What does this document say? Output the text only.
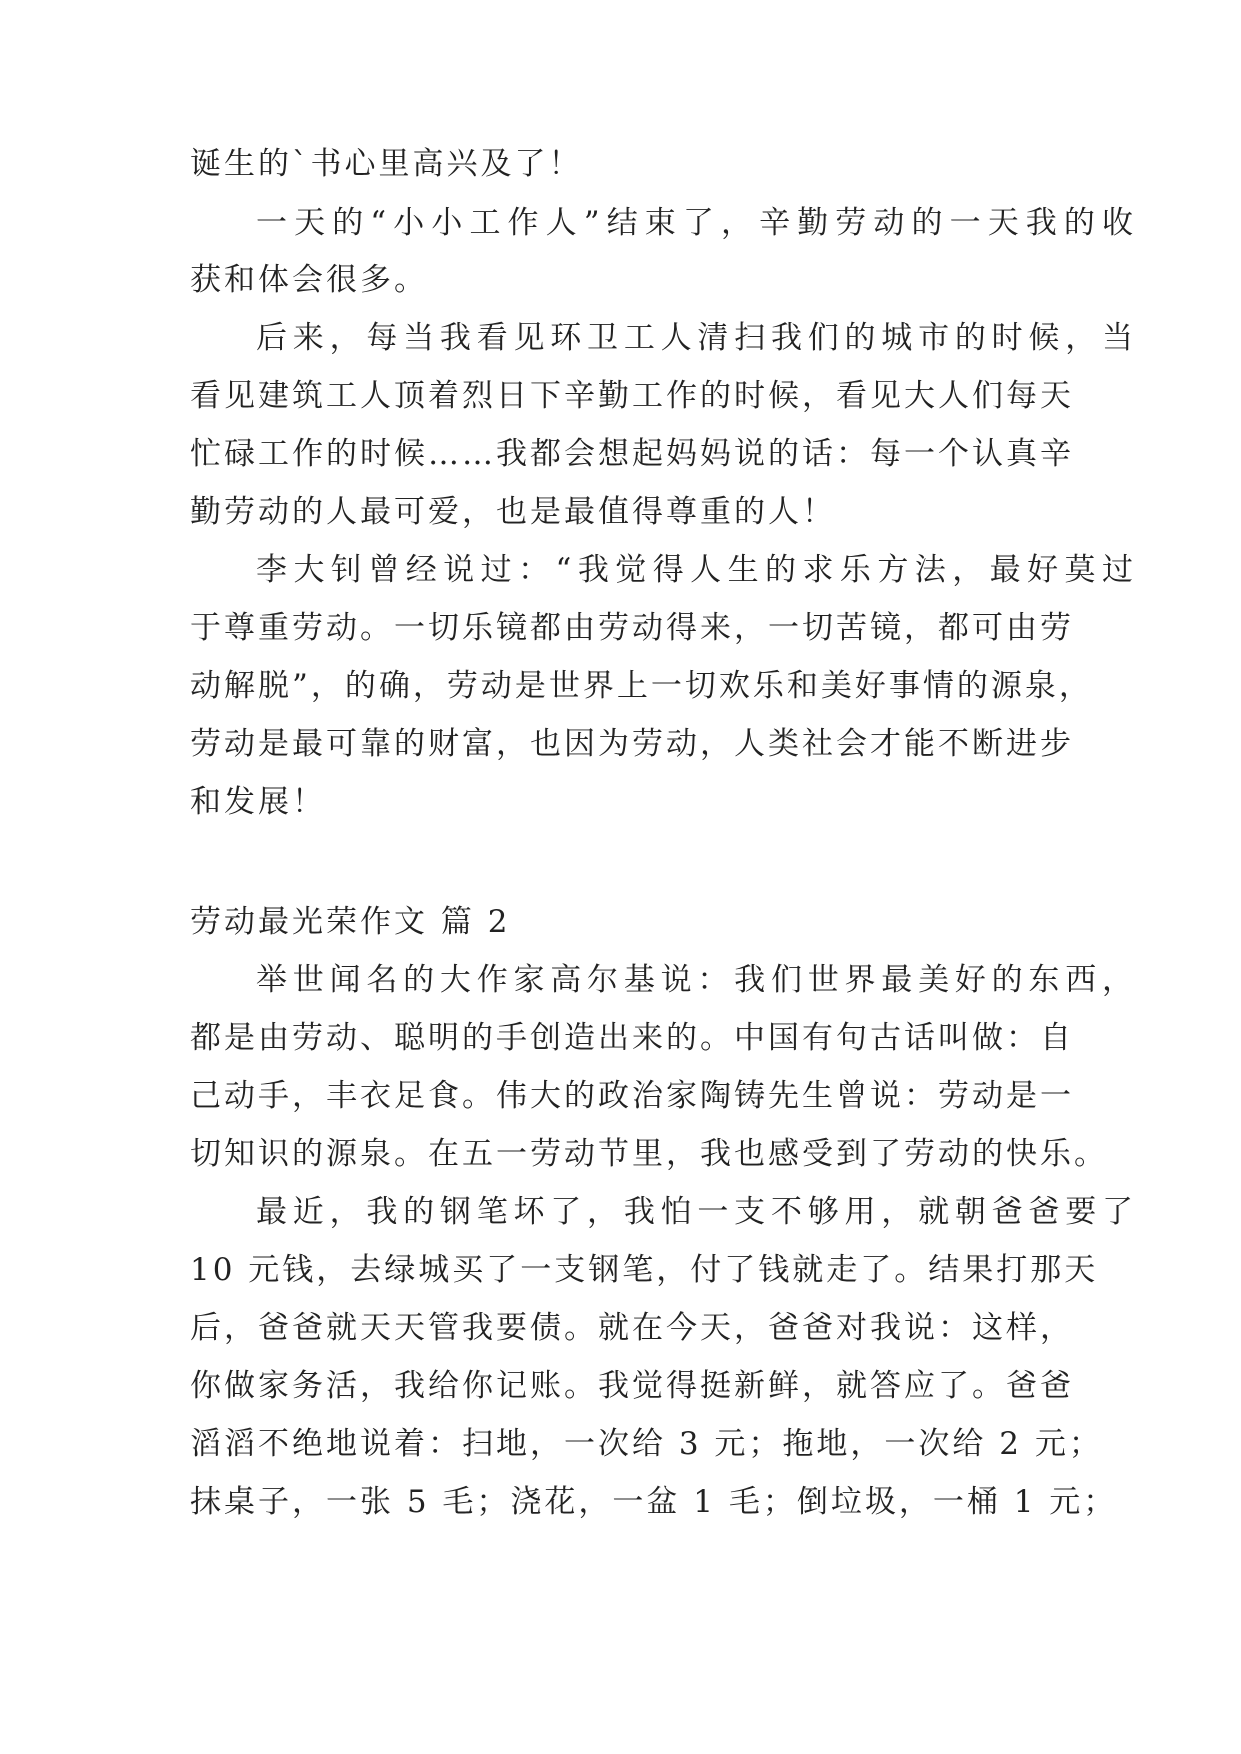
诞生的`书心里高兴及了！
一天的“小小工作人”结束了，辛勤劳动的一天我的收
获和体会很多。
后来，每当我看见环卫工人清扫我们的城市的时候，当
看见建筑工人顶着烈日下辛勤工作的时候，看见大人们每天
忙碌工作的时候……我都会想起妈妈说的话：每一个认真辛
勤劳动的人最可爱，也是最值得尊重的人！
李大钊曾经说过：“我觉得人生的求乐方法，最好莫过
于尊重劳动。一切乐镜都由劳动得来，一切苦镜，都可由劳
动解脱”，的确，劳动是世界上一切欢乐和美好事情的源泉，
劳动是最可靠的财富，也因为劳动，人类社会才能不断进步
和发展！
劳动最光荣作文 篇 2
举世闻名的大作家高尔基说：我们世界最美好的东西，
都是由劳动、聪明的手创造出来的。中国有句古话叫做：自
己动手，丰衣足食。伟大的政治家陶铸先生曾说：劳动是一
切知识的源泉。在五一劳动节里，我也感受到了劳动的快乐。
最近，我的钢笔坏了，我怕一支不够用，就朝爸爸要了
10 元钱，去绿城买了一支钢笔，付了钱就走了。结果打那天
后，爸爸就天天管我要债。就在今天，爸爸对我说：这样，
你做家务活，我给你记账。我觉得挺新鲜，就答应了。爸爸
滔滔不绝地说着：扫地，一次给 3 元；拖地，一次给 2 元；
抹桌子，一张 5 毛；浇花，一盆 1 毛；倒垃圾，一桶 1 元；
